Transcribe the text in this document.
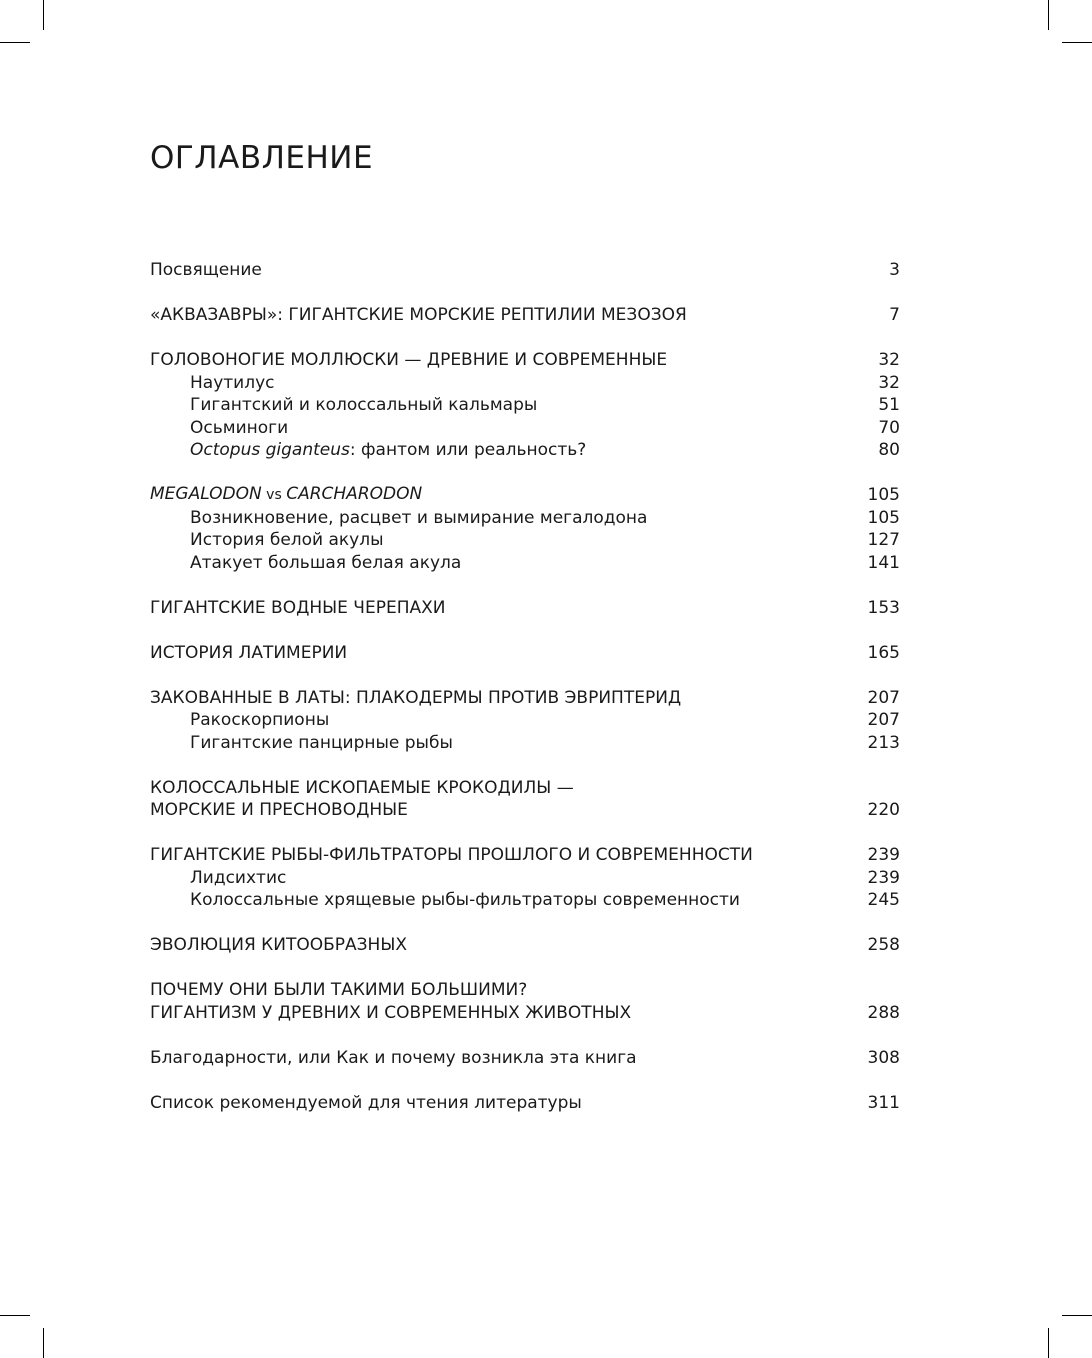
ОГЛАВЛЕНИЕ
Посвящение .....	3
«АКВАЗАВРЫ»: ГИГАНТСКИЕ МОРСКИЕ РЕПТИЛИИ МЕЗОЗОЯ .....	7
ГОЛОВОНОГИЕ МОЛЛЮСКИ — ДРЕВНИЕ И СОВРЕМЕННЫЕ .....	32
Наутилус .....	32
Гигантский и колоссальный кальмары .....	51
Осьминоги .....	70
Octopus giganteus: фантом или реальность? .....	80
MEGALODON vs CARCHARODON .....	105
Возникновение, расцвет и вымирание мегалодона .....	105
История белой акулы .....	127
Атакует большая белая акула .....	141
ГИГАНТСКИЕ ВОДНЫЕ ЧЕРЕПАХИ .....	153
ИСТОРИЯ ЛАТИМЕРИИ .....	165
ЗАКОВАННЫЕ В ЛАТЫ: ПЛАКОДЕРМЫ ПРОТИВ ЭВРИПТЕРИД .....	207
Ракоскорпионы .....	207
Гигантские панцирные рыбы .....	213
КОЛОССАЛЬНЫЕ ИСКОПАЕМЫЕ КРОКОДИЛЫ —
МОРСКИЕ И ПРЕСНОВОДНЫЕ .....	220
ГИГАНТСКИЕ РЫБЫ-ФИЛЬТРАТОРЫ ПРОШЛОГО И СОВРЕМЕННОСТИ .....	239
Лидсихтис .....	239
Колоссальные хрящевые рыбы-фильтраторы современности .....	245
ЭВОЛЮЦИЯ КИТООБРАЗНЫХ .....	258
ПОЧЕМУ ОНИ БЫЛИ ТАКИМИ БОЛЬШИМИ?
ГИГАНТИЗМ У ДРЕВНИХ И СОВРЕМЕННЫХ ЖИВОТНЫХ .....	288
Благодарности, или Как и почему возникла эта книга .....	308
Список рекомендуемой для чтения литературы .....	311
